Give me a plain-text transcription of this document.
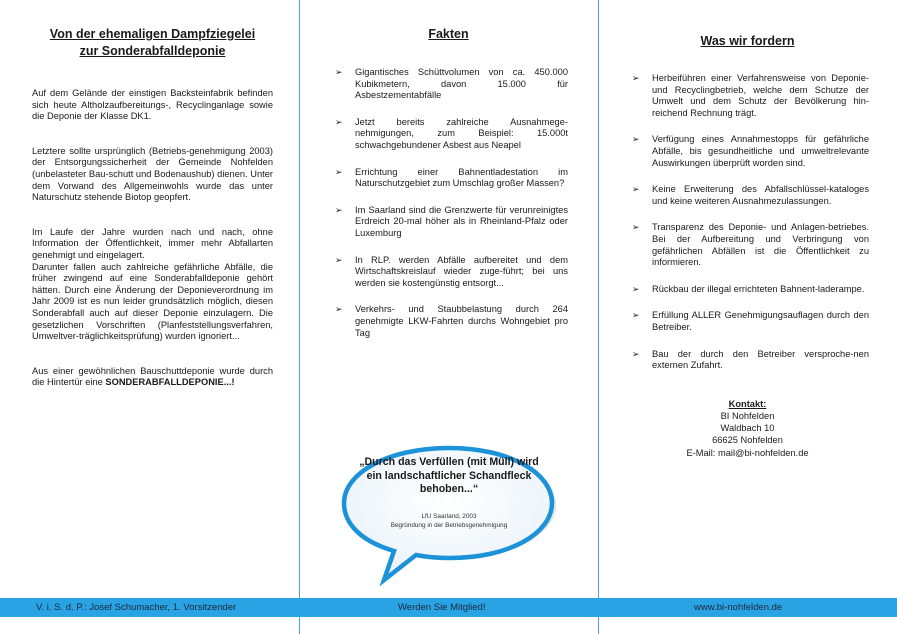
Von der ehemaligen Dampfziegelei
zur Sonderabfalldeponie

Auf dem Gelände der einstigen Backsteinfabrik befinden sich heute Altholzaufbereitungs-, Recyclinganlage sowie die Deponie der Klasse DK1.

Letztere sollte ursprünglich (Betriebs-genehmigung 2003) der Entsorgungssicherheit der Gemeinde Nohfelden (unbelasteter Bau-schutt und Bodenaushub) dienen. Unter dem Vorwand des Allgemeinwohls wurde das unter Naturschutz stehende Biotop geopfert.

Im Laufe der Jahre wurden nach und nach, ohne Information der Öffentlichkeit, immer mehr Abfallarten genehmigt und eingelagert.

Darunter fallen auch zahlreiche gefährliche Abfälle, die früher zwingend auf eine Sonderabfalldeponie gehört hätten. Durch eine Änderung der Deponieverordnung im Jahr 2009 ist es nun leider grundsätzlich möglich, diesen Sonderabfall auch auf dieser Deponie einzulagern. Die gesetzlichen Vorschriften (Planfeststellungsverfahren, Umweltver-träglichkeitsprüfung) wurden ignoriert...

Aus einer gewöhnlichen Bauschuttdeponie wurde durch die Hintertür eine SONDERABFALLDEPONIE...!

Fakten
➢ Gigantisches Schüttvolumen von ca. 450.000 Kubikmetern, davon 15.000 für Asbestzementabfälle
➢ Jetzt bereits zahlreiche Ausnahmege-nehmigungen, zum Beispiel: 15.000t schwachgebundener Asbest aus Neapel
➢ Errichtung einer Bahnentladestation im Naturschutzgebiet zum Umschlag großer Massen?
➢ Im Saarland sind die Grenzwerte für verunreinigtes Erdreich 20-mal höher als in Rheinland-Pfalz oder Luxemburg
➢ In RLP. werden Abfälle aufbereitet und dem Wirtschaftskreislauf wieder zuge-führt; bei uns werden sie kostengünstig entsorgt...
➢ Verkehrs- und Staubbelastung durch 264 genehmigte LKW-Fahrten durchs Wohngebiet pro Tag
„Durch das Verfüllen (mit Müll) wird ein landschaftlicher Schandfleck behoben...“
LfU Saarland, 2003
Begründung in der Betriebsgenehmigung
Was wir fordern
➢ Herbeiführen einer Verfahrensweise von Deponie- und Recyclingbetrieb, welche dem Schutze der Umwelt und dem Schutz der Bevölkerung hin-reichend Rechnung trägt.
➢ Verfügung eines Annahmestopps für gefährliche Abfälle, bis gesundheitliche und umweltrelevante Auswirkungen überprüft worden sind.
➢ Keine Erweiterung des Abfallschlüssel-kataloges und keine weiteren Ausnahmezulassungen.
➢ Transparenz des Deponie- und Anlagen-betriebes. Bei der Aufbereitung und Verbringung von gefährlichen Abfällen ist die Öffentlichkeit zu informieren.
➢ Rückbau der illegal errichteten Bahnent-laderampe.
➢ Erfüllung ALLER Genehmigungsauflagen durch den Betreiber.
➢ Bau der durch den Betreiber versproche-nen externen Zufahrt.
Kontakt:
BI Nohfelden
Waldbach 10
66625 Nohfelden
E-Mail: mail@bi-nohfelden.de
V. i. S. d. P.: Josef Schumacher, 1. Vorsitzender	Werden Sie Mitglied!	www.bi-nohfelden.de
